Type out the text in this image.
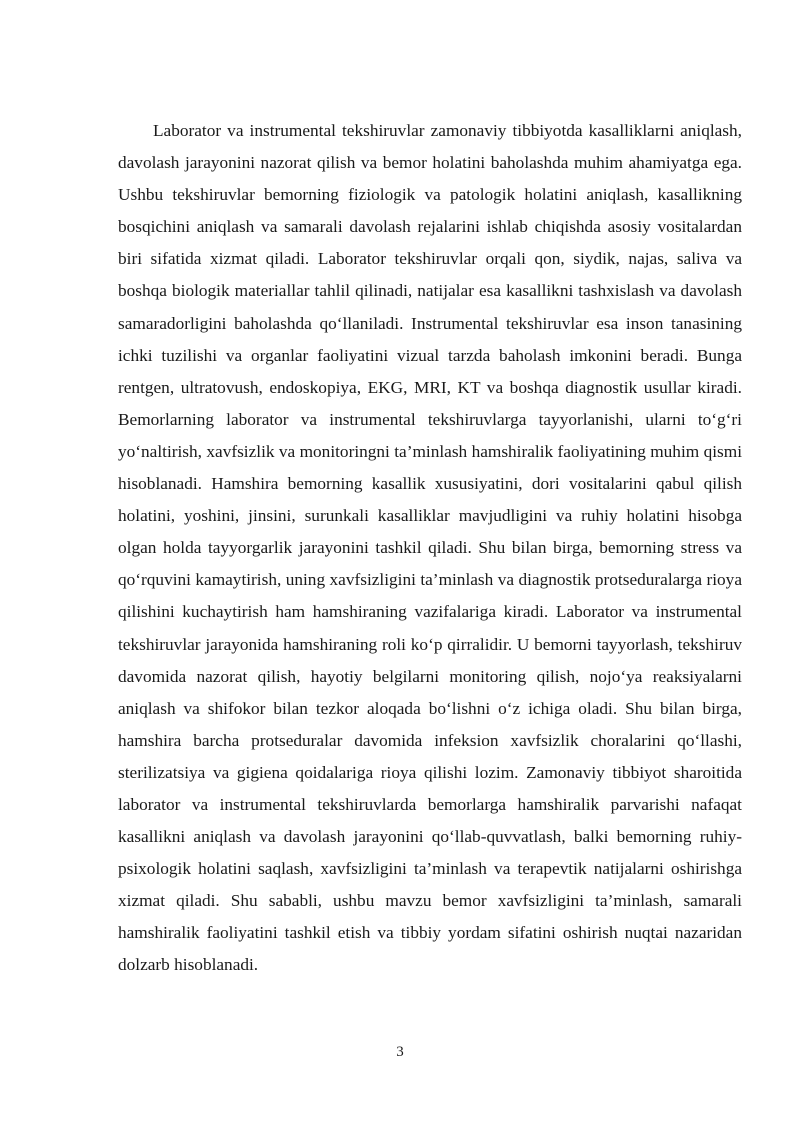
Laborator va instrumental tekshiruvlar zamonaviy tibbiyotda kasalliklarni aniqlash, davolash jarayonini nazorat qilish va bemor holatini baholashda muhim ahamiyatga ega. Ushbu tekshiruvlar bemorning fiziologik va patologik holatini aniqlash, kasallikning bosqichini aniqlash va samarali davolash rejalarini ishlab chiqishda asosiy vositalardan biri sifatida xizmat qiladi. Laborator tekshiruvlar orqali qon, siydik, najas, saliva va boshqa biologik materiallar tahlil qilinadi, natijalar esa kasallikni tashxislash va davolash samaradorligini baholashda qo‘llaniladi. Instrumental tekshiruvlar esa inson tanasining ichki tuzilishi va organlar faoliyatini vizual tarzda baholash imkonini beradi. Bunga rentgen, ultratovush, endoskopiya, EKG, MRI, KT va boshqa diagnostik usullar kiradi. Bemorlarning laborator va instrumental tekshiruvlarga tayyorlanishi, ularni to‘g‘ri yo‘naltirish, xavfsizlik va monitoringni ta’minlash hamshiralik faoliyatining muhim qismi hisoblanadi. Hamshira bemorning kasallik xususiyatini, dori vositalarini qabul qilish holatini, yoshini, jinsini, surunkali kasalliklar mavjudligini va ruhiy holatini hisobga olgan holda tayyorgarlik jarayonini tashkil qiladi. Shu bilan birga, bemorning stress va qo‘rquvini kamaytirish, uning xavfsizligini ta’minlash va diagnostik protseduralarga rioya qilishini kuchaytirish ham hamshiraning vazifalariga kiradi. Laborator va instrumental tekshiruvlar jarayonida hamshiraning roli ko‘p qirralidir. U bemorni tayyorlash, tekshiruv davomida nazorat qilish, hayotiy belgilarni monitoring qilish, nojo‘ya reaksiyalarni aniqlash va shifokor bilan tezkor aloqada bo‘lishni o‘z ichiga oladi. Shu bilan birga, hamshira barcha protseduralar davomida infeksion xavfsizlik choralarini qo‘llashi, sterilizatsiya va gigiena qoidalariga rioya qilishi lozim. Zamonaviy tibbiyot sharoitida laborator va instrumental tekshiruvlarda bemorlarga hamshiralik parvarishi nafaqat kasallikni aniqlash va davolash jarayonini qo‘llab-quvvatlash, balki bemorning ruhiy-psixologik holatini saqlash, xavfsizligini ta’minlash va terapevtik natijalarni oshirishga xizmat qiladi. Shu sababli, ushbu mavzu bemor xavfsizligini ta’minlash, samarali hamshiralik faoliyatini tashkil etish va tibbiy yordam sifatini oshirish nuqtai nazaridan dolzarb hisoblanadi.

3
